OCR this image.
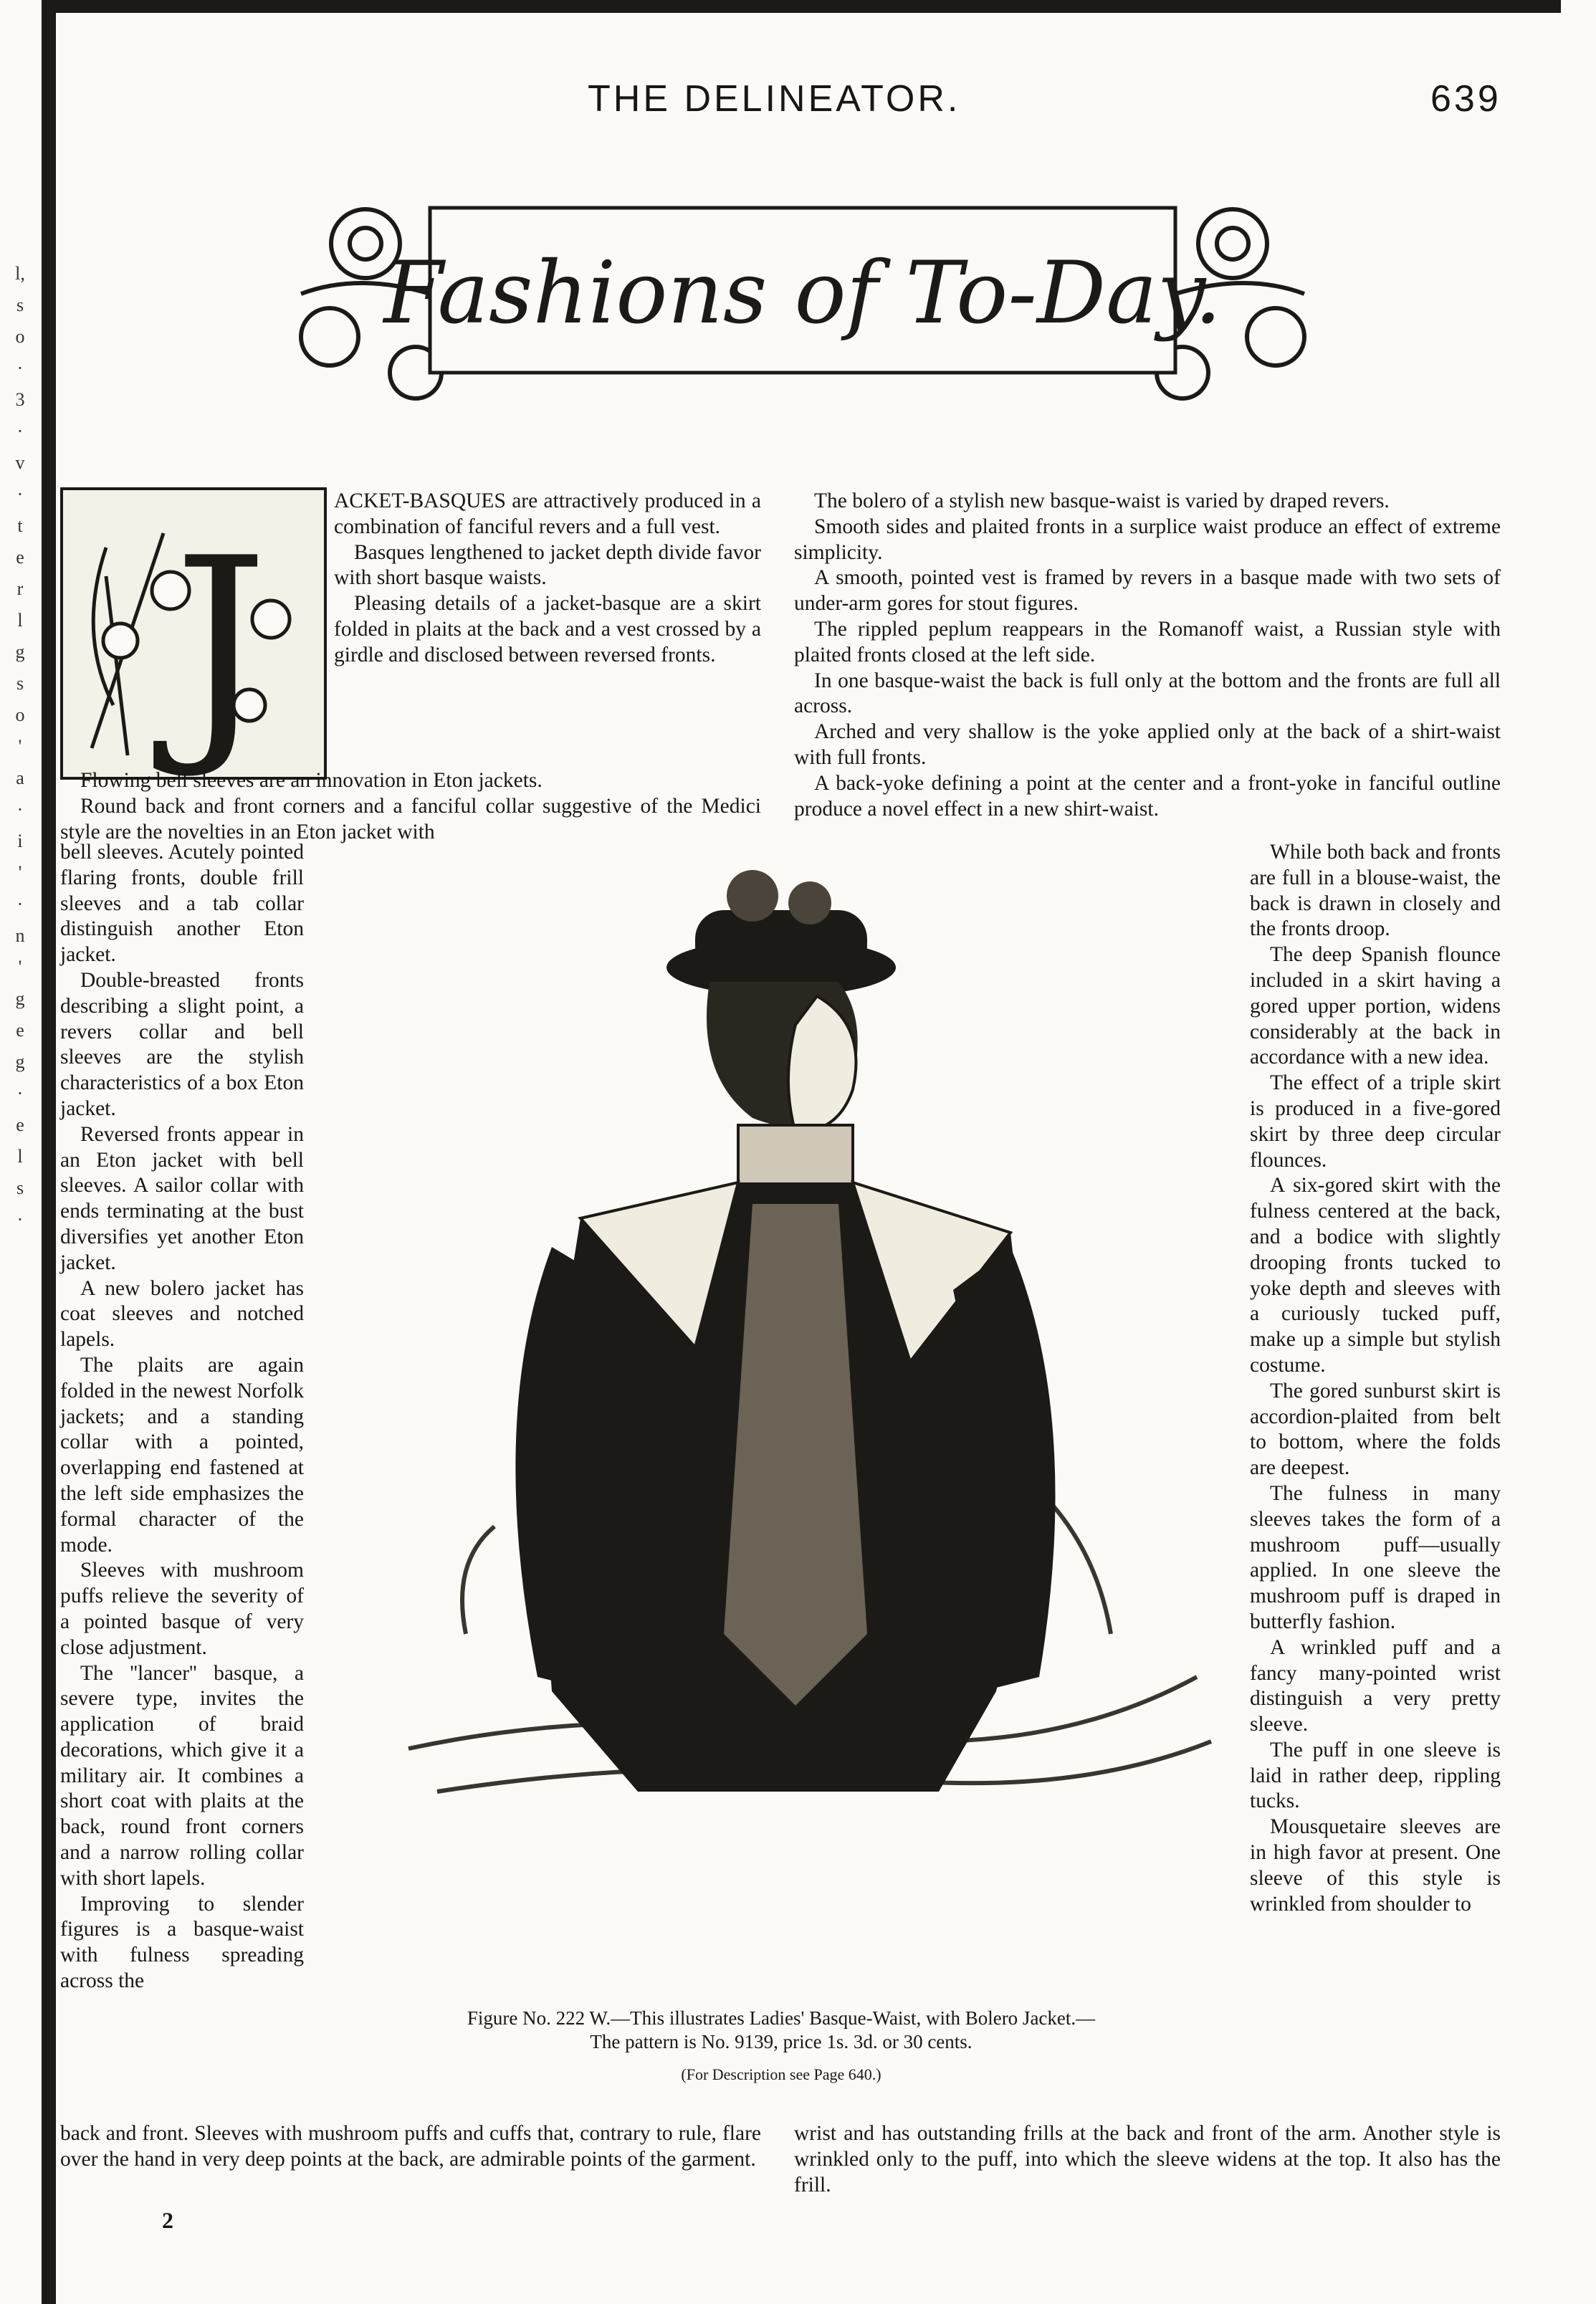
l,
s
o
·
3
·
v
·
t
e
r
l
g
s
o
'
a
·
i
'
·
n
'
g
e
g
·
e
l
s
·
THE DELINEATOR.	639
Fashions of To-Day.
J

ACKET-BASQUES are attractively produced in a combination of fanciful revers and a full vest.

Basques lengthened to jacket depth divide favor with short basque waists.

Pleasing details of a jacket-basque are a skirt folded in plaits at the back and a vest crossed by a girdle and disclosed between reversed fronts.

The bolero of a stylish new basque-waist is varied by draped revers.

Smooth sides and plaited fronts in a surplice waist produce an effect of extreme simplicity.

A smooth, pointed vest is framed by revers in a basque made with two sets of under-arm gores for stout figures.

The rippled peplum reappears in the Romanoff waist, a Russian style with plaited fronts closed at the left side.

In one basque-waist the back is full only at the bottom and the fronts are full all across.

Arched and very shallow is the yoke applied only at the back of a shirt-waist with full fronts.

A back-yoke defining a point at the center and a front-yoke in fanciful outline produce a novel effect in a new shirt-waist.

Flowing bell sleeves are an innovation in Eton jackets.

Round back and front corners and a fanciful collar suggestive of the Medici style are the novelties in an Eton jacket with

bell sleeves. Acutely pointed flaring fronts, double frill sleeves and a tab collar distinguish another Eton jacket.

Double-breasted fronts describing a slight point, a revers collar and bell sleeves are the stylish characteristics of a box Eton jacket.

Reversed fronts appear in an Eton jacket with bell sleeves. A sailor collar with ends terminating at the bust diversifies yet another Eton jacket.

A new bolero jacket has coat sleeves and notched lapels.

The plaits are again folded in the newest Norfolk jackets; and a standing collar with a pointed, overlapping end fastened at the left side emphasizes the formal character of the mode.

Sleeves with mushroom puffs relieve the severity of a pointed basque of very close adjustment.

The ''lancer'' basque, a severe type, invites the application of braid decorations, which give it a military air. It combines a short coat with plaits at the back, round front corners and a narrow rolling collar with short lapels.

Improving to slender figures is a basque-waist with fulness spreading across the

While both back and fronts are full in a blouse-waist, the back is drawn in closely and the fronts droop.

The deep Spanish flounce included in a skirt having a gored upper portion, widens considerably at the back in accordance with a new idea.

The effect of a triple skirt is produced in a five-gored skirt by three deep circular flounces.

A six-gored skirt with the fulness centered at the back, and a bodice with slightly drooping fronts tucked to yoke depth and sleeves with a curiously tucked puff, make up a simple but stylish costume.

The gored sunburst skirt is accordion-plaited from belt to bottom, where the folds are deepest.

The fulness in many sleeves takes the form of a mushroom puff—usually applied. In one sleeve the mushroom puff is draped in butterfly fashion.

A wrinkled puff and a fancy many-pointed wrist distinguish a very pretty sleeve.

The puff in one sleeve is laid in rather deep, rippling tucks.

Mousquetaire sleeves are in high favor at present. One sleeve of this style is wrinkled from shoulder to

Figure No. 222 W.—This illustrates Ladies' Basque-Waist, with Bolero Jacket.—
The pattern is No. 9139, price 1s. 3d. or 30 cents.
(For Description see Page 640.)

back and front. Sleeves with mushroom puffs and cuffs that, contrary to rule, flare over the hand in very deep points at the back, are admirable points of the garment.

wrist and has outstanding frills at the back and front of the arm. Another style is wrinkled only to the puff, into which the sleeve widens at the top. It also has the frill.

2
